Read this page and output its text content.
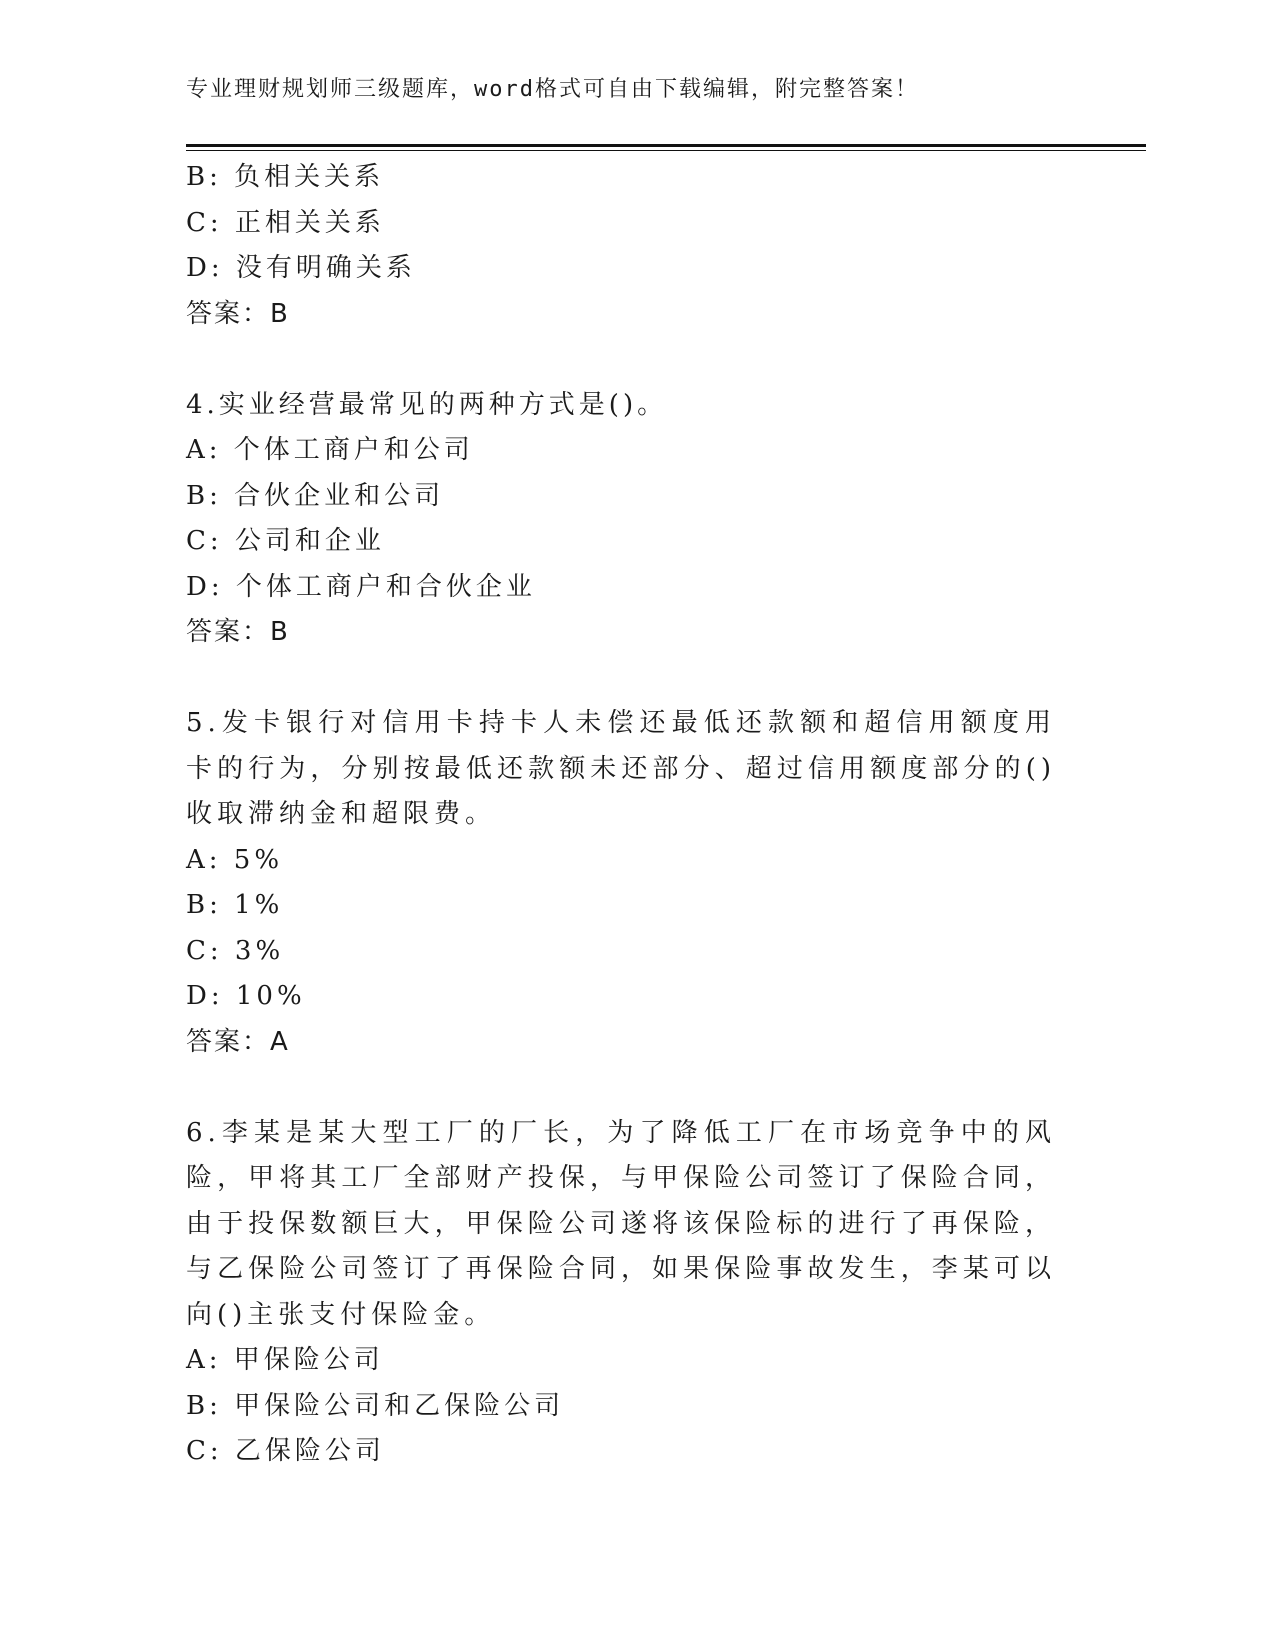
专业理财规划师三级题库，word格式可自由下载编辑，附完整答案！
B: 负相关关系
C: 正相关关系
D: 没有明确关系
答案：B
4.实业经营最常见的两种方式是()。
A: 个体工商户和公司
B: 合伙企业和公司
C: 公司和企业
D: 个体工商户和合伙企业
答案：B
5.发卡银行对信用卡持卡人未偿还最低还款额和超信用额度用卡的行为，分别按最低还款额未还部分、超过信用额度部分的()收取滞纳金和超限费。
A: 5%
B: 1%
C: 3%
D: 10%
答案：A
6.李某是某大型工厂的厂长，为了降低工厂在市场竞争中的风险，甲将其工厂全部财产投保，与甲保险公司签订了保险合同，由于投保数额巨大，甲保险公司遂将该保险标的进行了再保险，与乙保险公司签订了再保险合同，如果保险事故发生，李某可以向()主张支付保险金。
A: 甲保险公司
B: 甲保险公司和乙保险公司
C: 乙保险公司
